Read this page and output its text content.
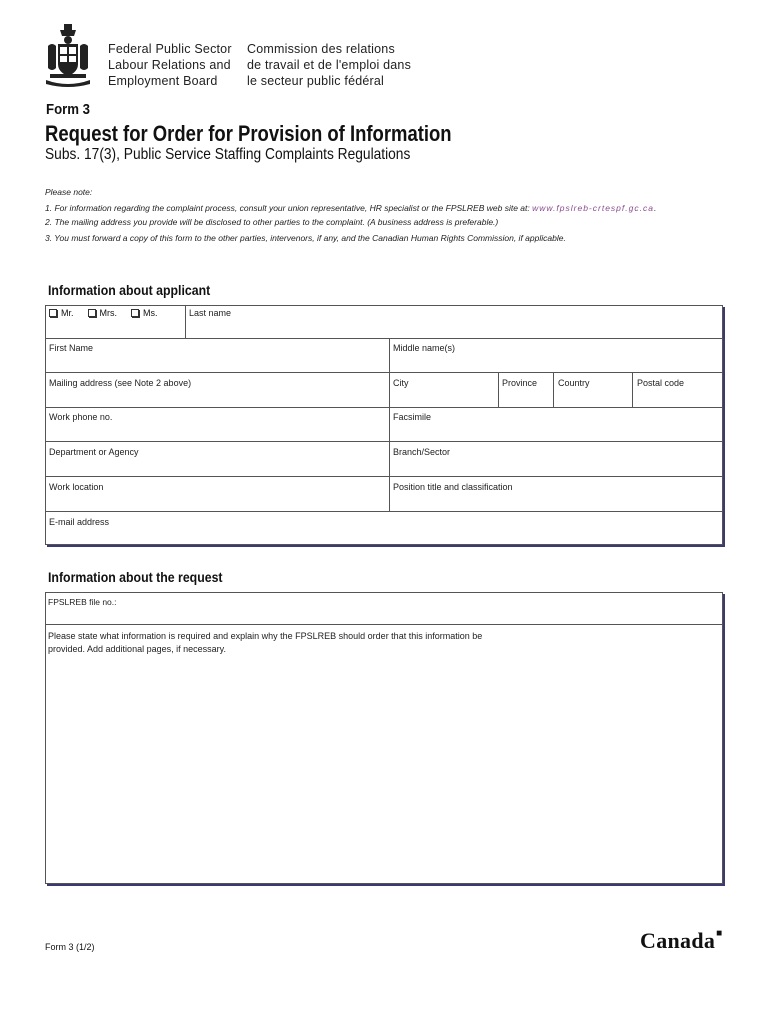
Federal Public Sector
Labour Relations and
Employment Board
Commission des relations
de travail et de l'emploi dans
le secteur public fédéral
Form 3
Request for Order for Provision of Information
Subs. 17(3), Public Service Staffing Complaints Regulations
Please note:
1. For information regarding the complaint process, consult your union representative, HR specialist or the FPSLREB web site at: www.fpslreb-crtespf.gc.ca.
2. The mailing address you provide will be disclosed to other parties to the complaint. (A business address is preferable.)
3. You must forward a copy of this form to the other parties, intervenors, if any, and the Canadian Human Rights Commission, if applicable.
Information about applicant
Mr.	Mrs.	Ms.	Last name
First Name	Middle name(s)
Mailing address (see Note 2 above)	City	Province Country	Postal code
Work phone no.	Facsimile
Department or Agency	Branch/Sector
Work location	Position title and classification
E-mail address
Information about the request
FPSLREB file no.:
Please state what information is required and explain why the FPSLREB should order that this information be
provided. Add additional pages, if necessary.
Form 3 (1/2)	Canada■
